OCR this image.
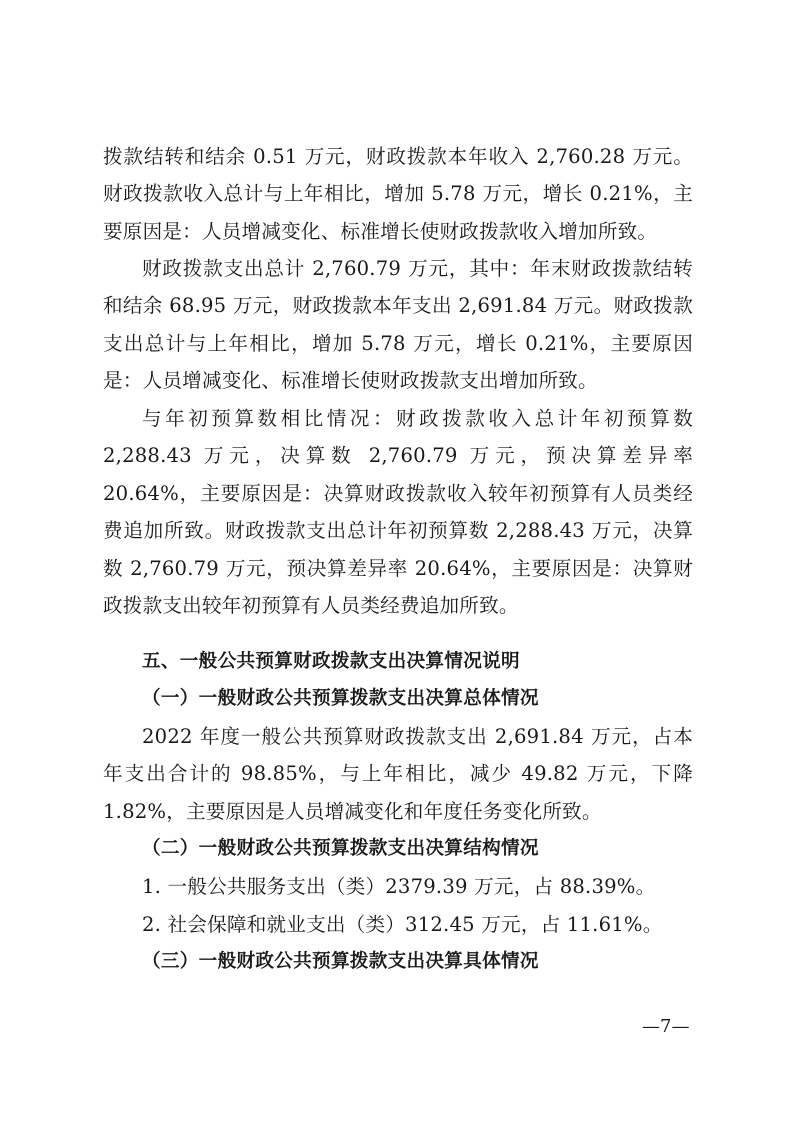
拨款结转和结余 0.51 万元，财政拨款本年收入 2,760.28 万元。财政拨款收入总计与上年相比，增加 5.78 万元，增长 0.21%，主要原因是：人员增减变化、标准增长使财政拨款收入增加所致。

财政拨款支出总计 2,760.79 万元，其中：年末财政拨款结转和结余 68.95 万元，财政拨款本年支出 2,691.84 万元。财政拨款支出总计与上年相比，增加 5.78 万元，增长 0.21%，主要原因是：人员增减变化、标准增长使财政拨款支出增加所致。

与年初预算数相比情况：财政拨款收入总计年初预算数 2,288.43 万元，决算数 2,760.79 万元，预决算差异率 20.64%，主要原因是：决算财政拨款收入较年初预算有人员类经费追加所致。财政拨款支出总计年初预算数 2,288.43 万元，决算数 2,760.79 万元，预决算差异率 20.64%，主要原因是：决算财政拨款支出较年初预算有人员类经费追加所致。

五、一般公共预算财政拨款支出决算情况说明

（一）一般财政公共预算拨款支出决算总体情况

2022 年度一般公共预算财政拨款支出 2,691.84 万元，占本年支出合计的 98.85%，与上年相比，减少 49.82 万元，下降 1.82%，主要原因是人员增减变化和年度任务变化所致。

（二）一般财政公共预算拨款支出决算结构情况

1. 一般公共服务支出（类）2379.39 万元，占 88.39%。

2. 社会保障和就业支出（类）312.45 万元，占 11.61%。

（三）一般财政公共预算拨款支出决算具体情况

—7—
